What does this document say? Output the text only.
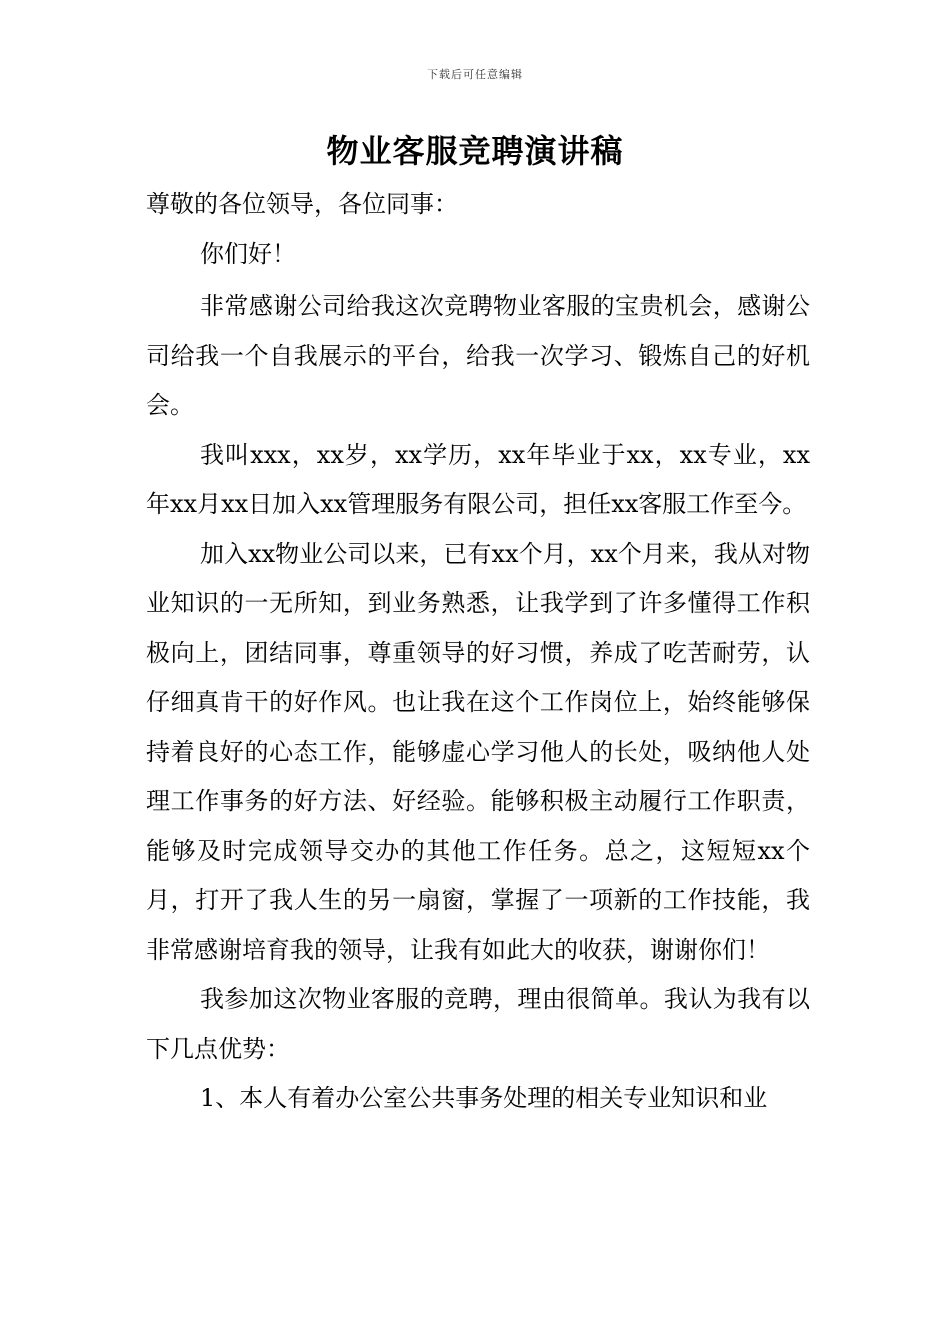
下载后可任意编辑
物业客服竞聘演讲稿

尊敬的各位领导，各位同事：

你们好！

非常感谢公司给我这次竞聘物业客服的宝贵机会，感谢公司给我一个自我展示的平台，给我一次学习、锻炼自己的好机会。

我叫xxx，xx岁，xx学历，xx年毕业于xx，xx专业，xx年xx月xx日加入xx管理服务有限公司，担任xx客服工作至今。

加入xx物业公司以来，已有xx个月，xx个月来，我从对物业知识的一无所知，到业务熟悉，让我学到了许多懂得工作积极向上，团结同事，尊重领导的好习惯，养成了吃苦耐劳，认仔细真肯干的好作风。也让我在这个工作岗位上，始终能够保持着良好的心态工作，能够虚心学习他人的长处，吸纳他人处理工作事务的好方法、好经验。能够积极主动履行工作职责，能够及时完成领导交办的其他工作任务。总之，这短短xx个月，打开了我人生的另一扇窗，掌握了一项新的工作技能，我非常感谢培育我的领导，让我有如此大的收获，谢谢你们！

我参加这次物业客服的竞聘，理由很简单。我认为我有以下几点优势：

1、本人有着办公室公共事务处理的相关专业知识和业
